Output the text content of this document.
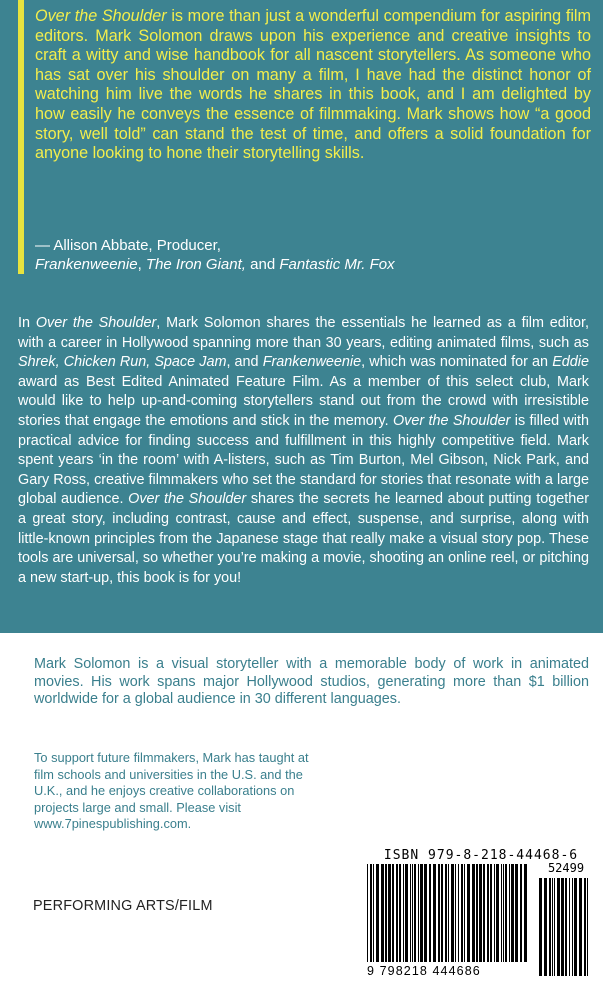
Over the Shoulder is more than just a wonderful compendium for aspiring film editors. Mark Solomon draws upon his experience and creative insights to craft a witty and wise handbook for all nascent storytellers. As someone who has sat over his shoulder on many a film, I have had the distinct honor of watching him live the words he shares in this book, and I am delighted by how easily he conveys the essence of filmmaking. Mark shows how “a good story, well told” can stand the test of time, and offers a solid foundation for anyone looking to hone their storytelling skills.

— Allison Abbate, Producer,
Frankenweenie, The Iron Giant, and Fantastic Mr. Fox

In Over the Shoulder, Mark Solomon shares the essentials he learned as a film editor, with a career in Hollywood spanning more than 30 years, editing animated films, such as Shrek, Chicken Run, Space Jam, and Frankenweenie, which was nominated for an Eddie award as Best Edited Animated Feature Film. As a member of this select club, Mark would like to help up-and-coming storytellers stand out from the crowd with irresistible stories that engage the emotions and stick in the memory. Over the Shoulder is filled with practical advice for finding success and fulfillment in this highly competitive field. Mark spent years ‘in the room’ with A-listers, such as Tim Burton, Mel Gibson, Nick Park, and Gary Ross, creative filmmakers who set the standard for stories that resonate with a large global audience. Over the Shoulder shares the secrets he learned about putting together a great story, including contrast, cause and effect, suspense, and surprise, along with little-known principles from the Japanese stage that really make a visual story pop. These tools are universal, so whether you’re making a movie, shooting an online reel, or pitching a new start-up, this book is for you!

Mark Solomon is a visual storyteller with a memorable body of work in animated movies. His work spans major Hollywood studios, generating more than $1 billion worldwide for a global audience in 30 different languages.

To support future filmmakers, Mark has taught at film schools and universities in the U.S. and the U.K., and he enjoys creative collaborations on projects large and small. Please visit www.7pinespublishing.com.

PERFORMING ARTS/FILM
ISBN 979-8-218-44468-6
9 798218 444686
52499
